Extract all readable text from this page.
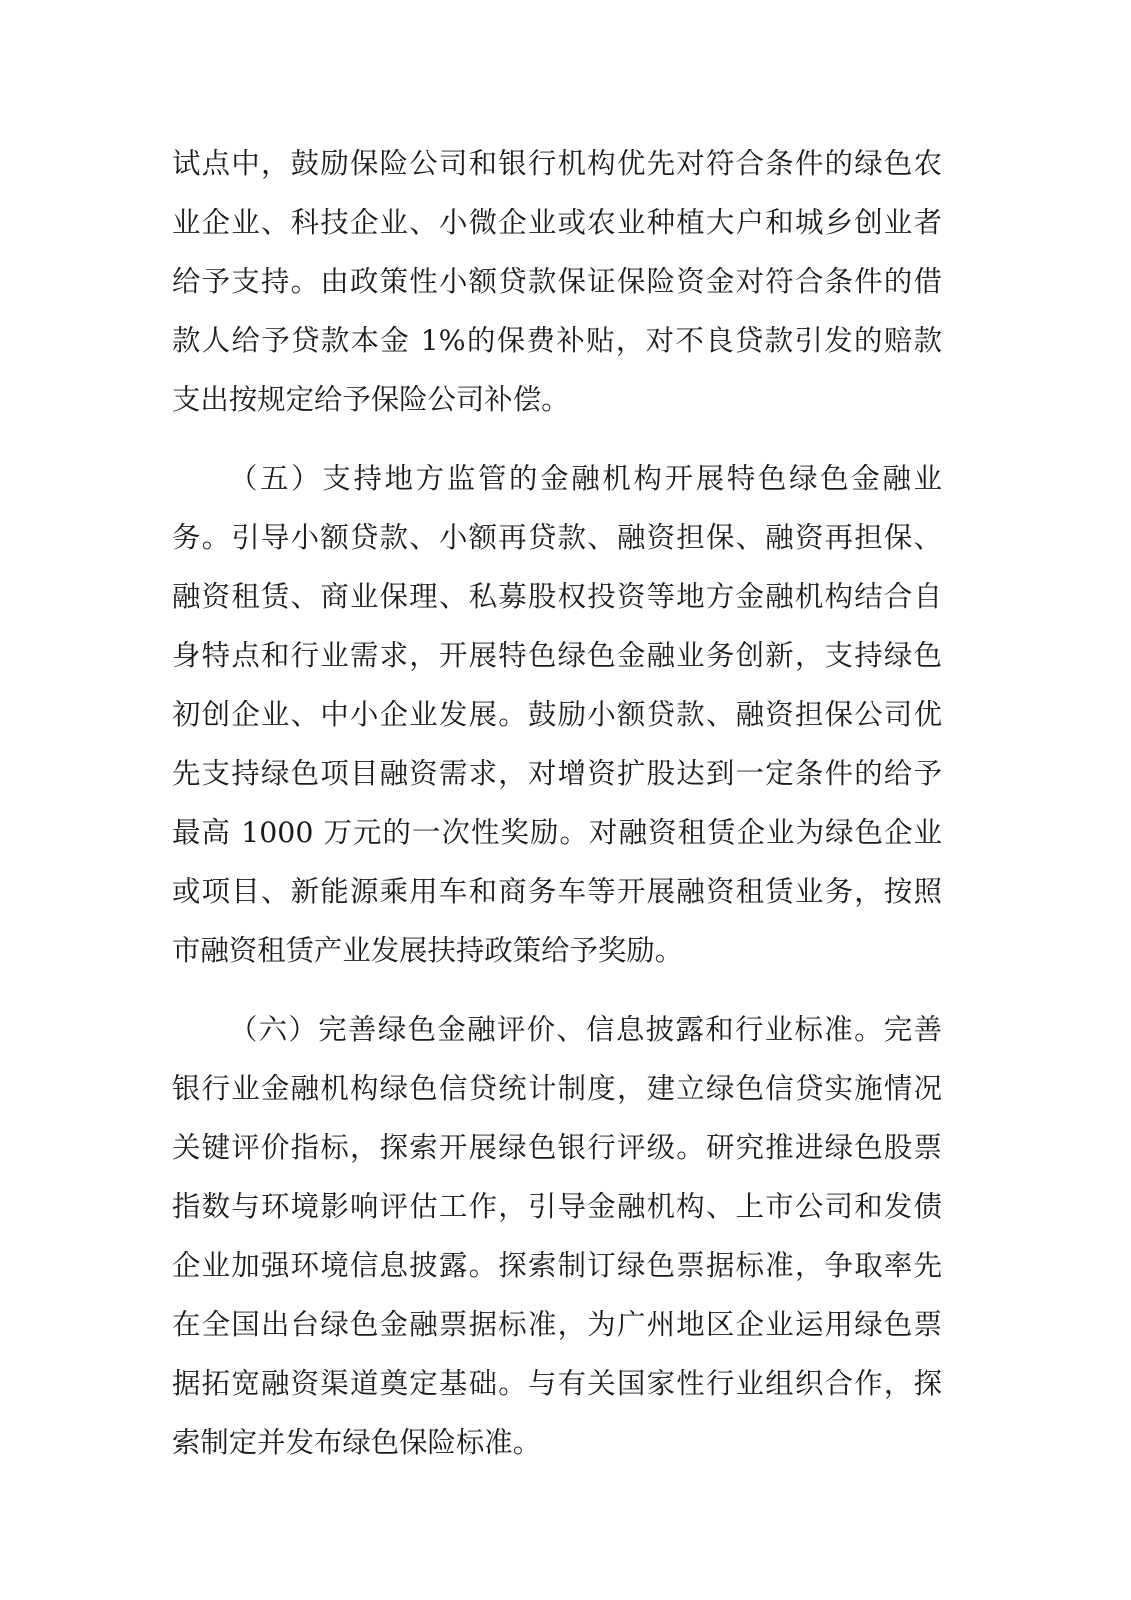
试点中，鼓励保险公司和银行机构优先对符合条件的绿色农
业企业、科技企业、小微企业或农业种植大户和城乡创业者
给予支持。由政策性小额贷款保证保险资金对符合条件的借
款人给予贷款本金 1%的保费补贴，对不良贷款引发的赔款
支出按规定给予保险公司补偿。
（五）支持地方监管的金融机构开展特色绿色金融业
务。引导小额贷款、小额再贷款、融资担保、融资再担保、
融资租赁、商业保理、私募股权投资等地方金融机构结合自
身特点和行业需求，开展特色绿色金融业务创新，支持绿色
初创企业、中小企业发展。鼓励小额贷款、融资担保公司优
先支持绿色项目融资需求，对增资扩股达到一定条件的给予
最高 1000 万元的一次性奖励。对融资租赁企业为绿色企业
或项目、新能源乘用车和商务车等开展融资租赁业务，按照
市融资租赁产业发展扶持政策给予奖励。
（六）完善绿色金融评价、信息披露和行业标准。完善
银行业金融机构绿色信贷统计制度，建立绿色信贷实施情况
关键评价指标，探索开展绿色银行评级。研究推进绿色股票
指数与环境影响评估工作，引导金融机构、上市公司和发债
企业加强环境信息披露。探索制订绿色票据标准，争取率先
在全国出台绿色金融票据标准，为广州地区企业运用绿色票
据拓宽融资渠道奠定基础。与有关国家性行业组织合作，探
索制定并发布绿色保险标准。
